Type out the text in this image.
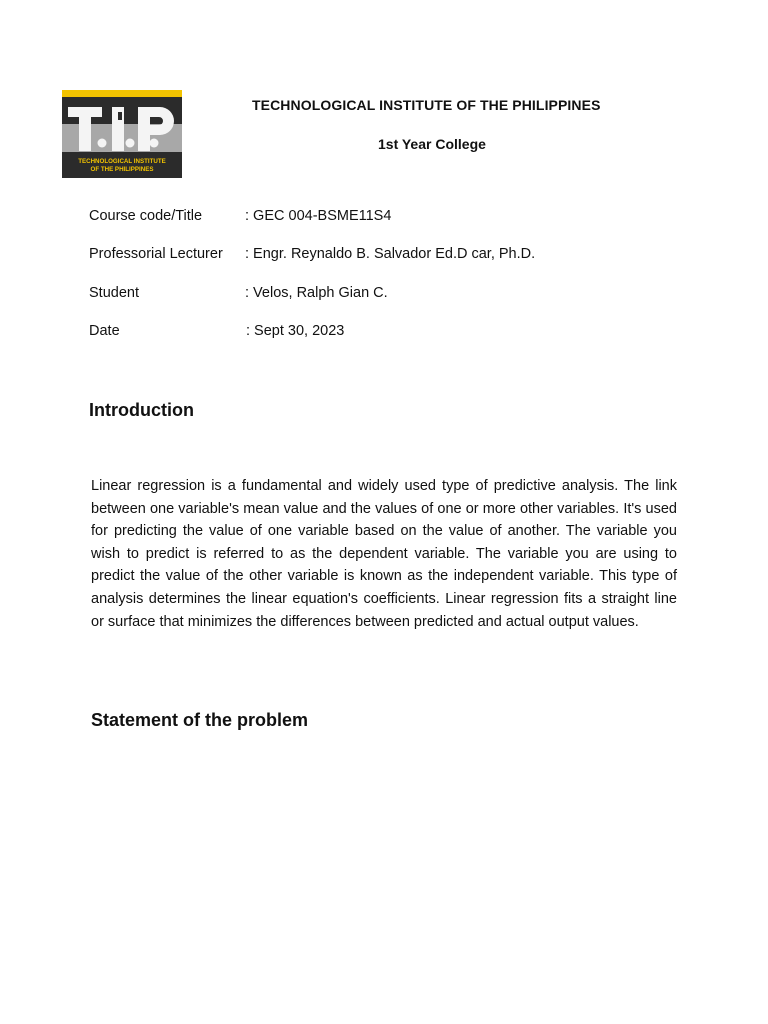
TECHNOLOGICAL INSTITUTE
OF THE PHILIPPINES
TECHNOLOGICAL INSTITUTE OF THE PHILIPPINES
1st Year College
Course code/Title	: GEC 004-BSME11S4
Professorial Lecturer : Engr. Reynaldo B. Salvador Ed.D car, Ph.D.
Student	: Velos, Ralph Gian C.
Date	: Sept 30, 2023
Introduction

Linear regression is a fundamental and widely used type of predictive analysis. The link between one variable's mean value and the values of one or more other variables. It's used for predicting the value of one variable based on the value of another. The variable you wish to predict is referred to as the dependent variable. The variable you are using to predict the value of the other variable is known as the independent variable. This type of analysis determines the linear equation's coefficients. Linear regression fits a straight line or surface that minimizes the differences between predicted and actual output values.

Statement of the problem
